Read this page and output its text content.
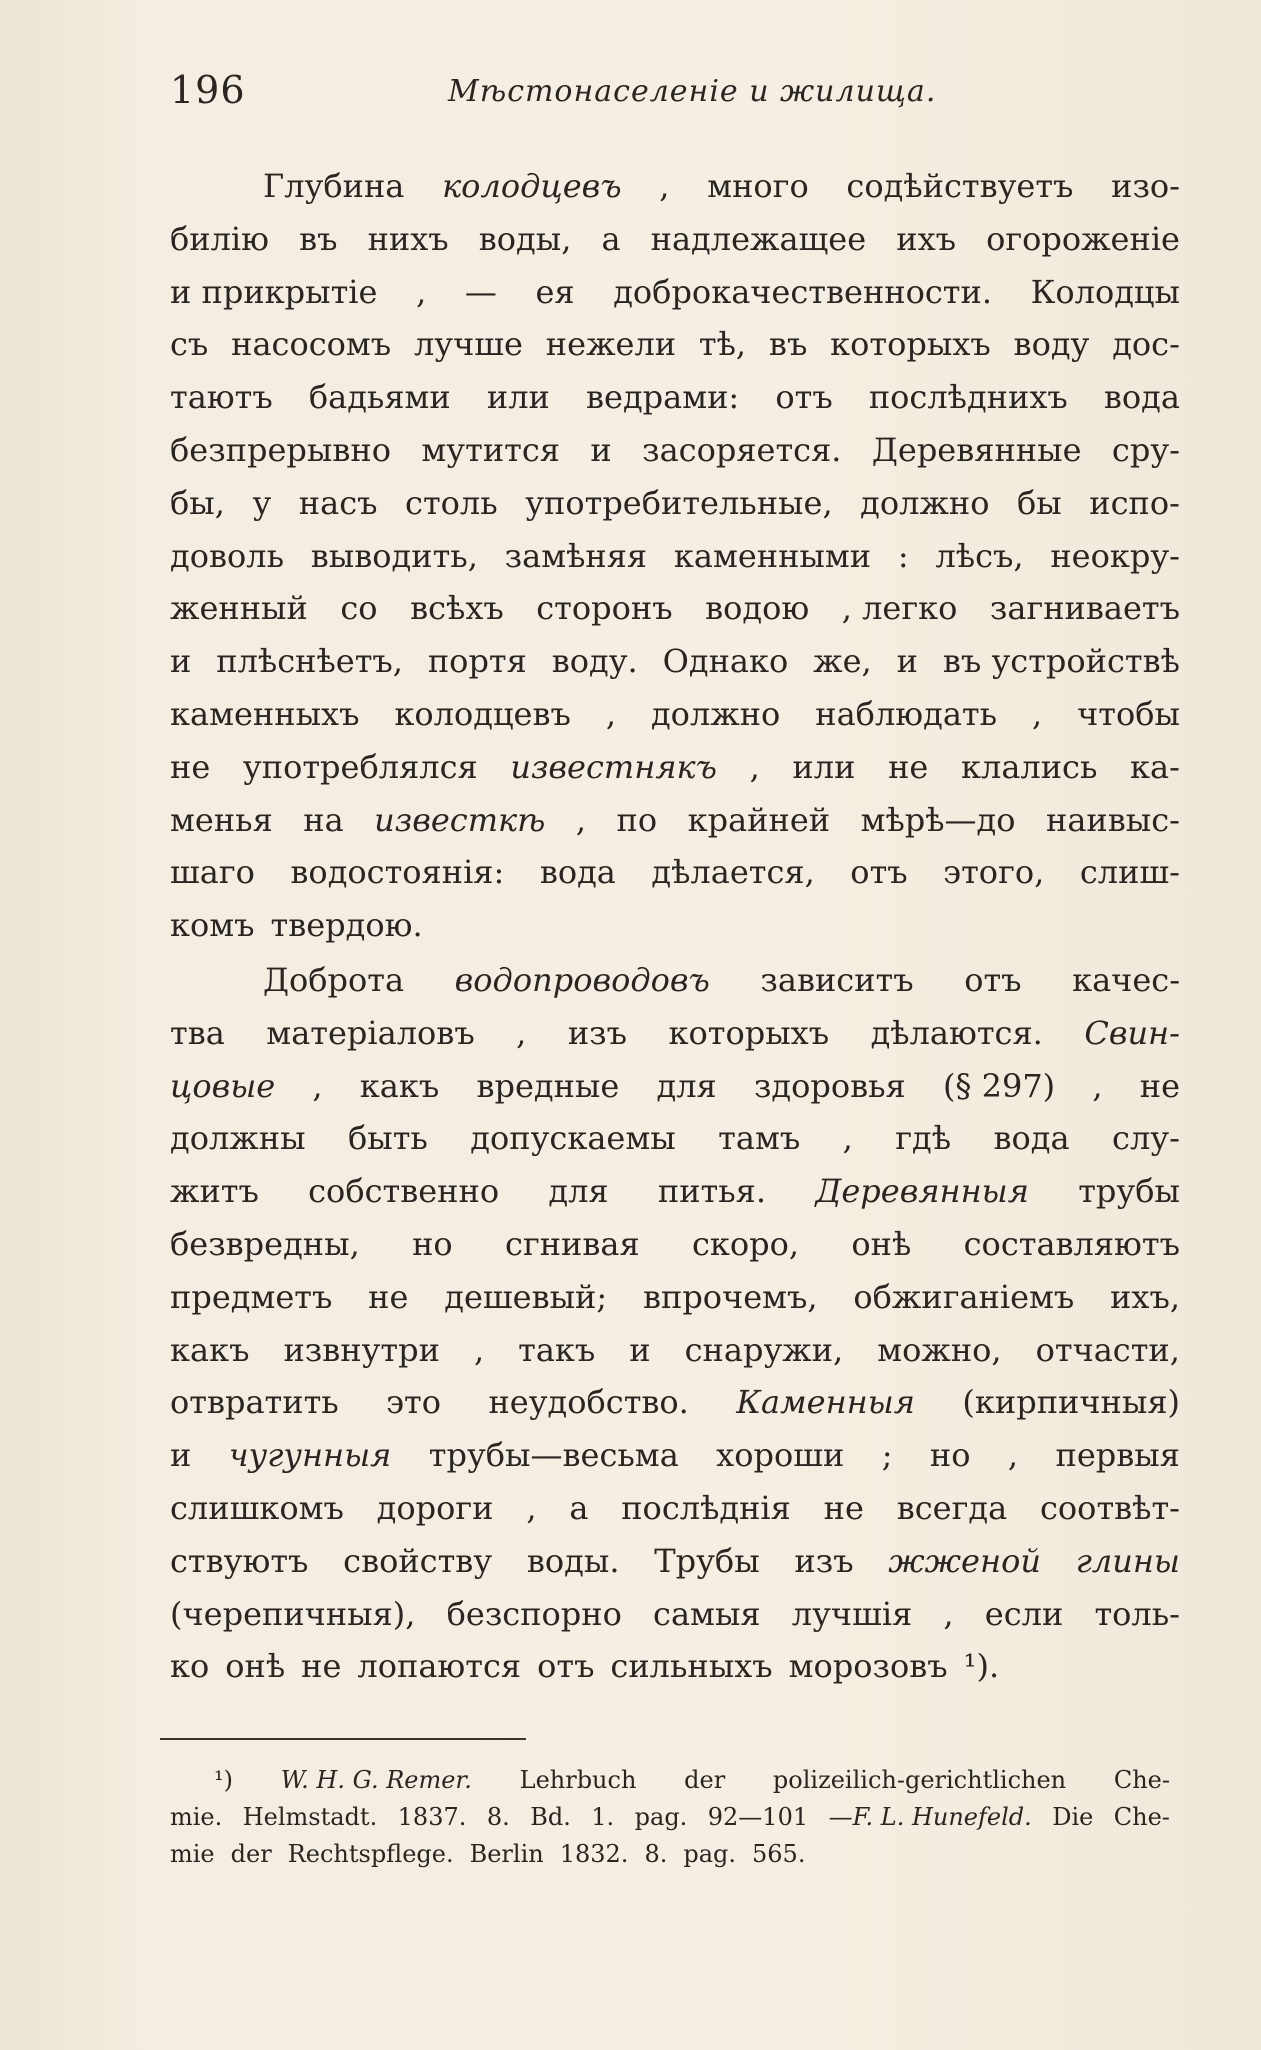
196	Мѣстонаселеніе и жилища.
Глубина колодцевъ , много содѣйствуетъ изо-
билію въ нихъ воды, а надлежащее ихъ огороженіе
и прикрытіе , — ея доброкачественности. Колодцы
съ насосомъ лучше нежели тѣ, въ которыхъ воду дос-
таютъ бадьями или ведрами: отъ послѣднихъ вода
безпрерывно мутится и засоряется. Деревянные сру-
бы, у насъ столь употребительные, должно бы испо-
доволь выводить, замѣняя каменными : лѣсъ, неокру-
женный со всѣхъ сторонъ водою , легко загниваетъ
и плѣснѣетъ, портя воду. Однако же, и въ устройствѣ
каменныхъ колодцевъ , должно наблюдать , чтобы
не употреблялся известнякъ , или не клались ка-
менья на известкѣ , по крайней мѣрѣ—до наивыс-
шаго водостоянія: вода дѣлается, отъ этого, слиш-
комъ твердою.
Доброта водопроводовъ зависитъ отъ качес-
тва матеріаловъ , изъ которыхъ дѣлаются. Свин-
цовые , какъ вредные для здоровья (§ 297) , не
должны быть допускаемы тамъ , гдѣ вода слу-
житъ собственно для питья. Деревянныя трубы
безвредны, но сгнивая скоро, онѣ составляютъ
предметъ не дешевый; впрочемъ, обжиганіемъ ихъ,
какъ извнутри , такъ и снаружи, можно, отчасти,
отвратить это неудобство. Каменныя (кирпичныя)
и чугунныя трубы—весьма хороши ; но , первыя
слишкомъ дороги , а послѣднія не всегда соотвѣт-
ствуютъ свойству воды. Трубы изъ жженой глины
(черепичныя), безспорно самыя лучшія , если толь-
ко онѣ не лопаются отъ сильныхъ морозовъ ¹).
¹) W. H. G. Remer. Lehrbuch der polizeilich-gerichtlichen Che-
mie. Helmstadt. 1837. 8. Bd. 1. pag. 92—101 —F. L. Hunefeld. Die Che-
mie der Rechtspflege. Berlin 1832. 8. pag. 565.
